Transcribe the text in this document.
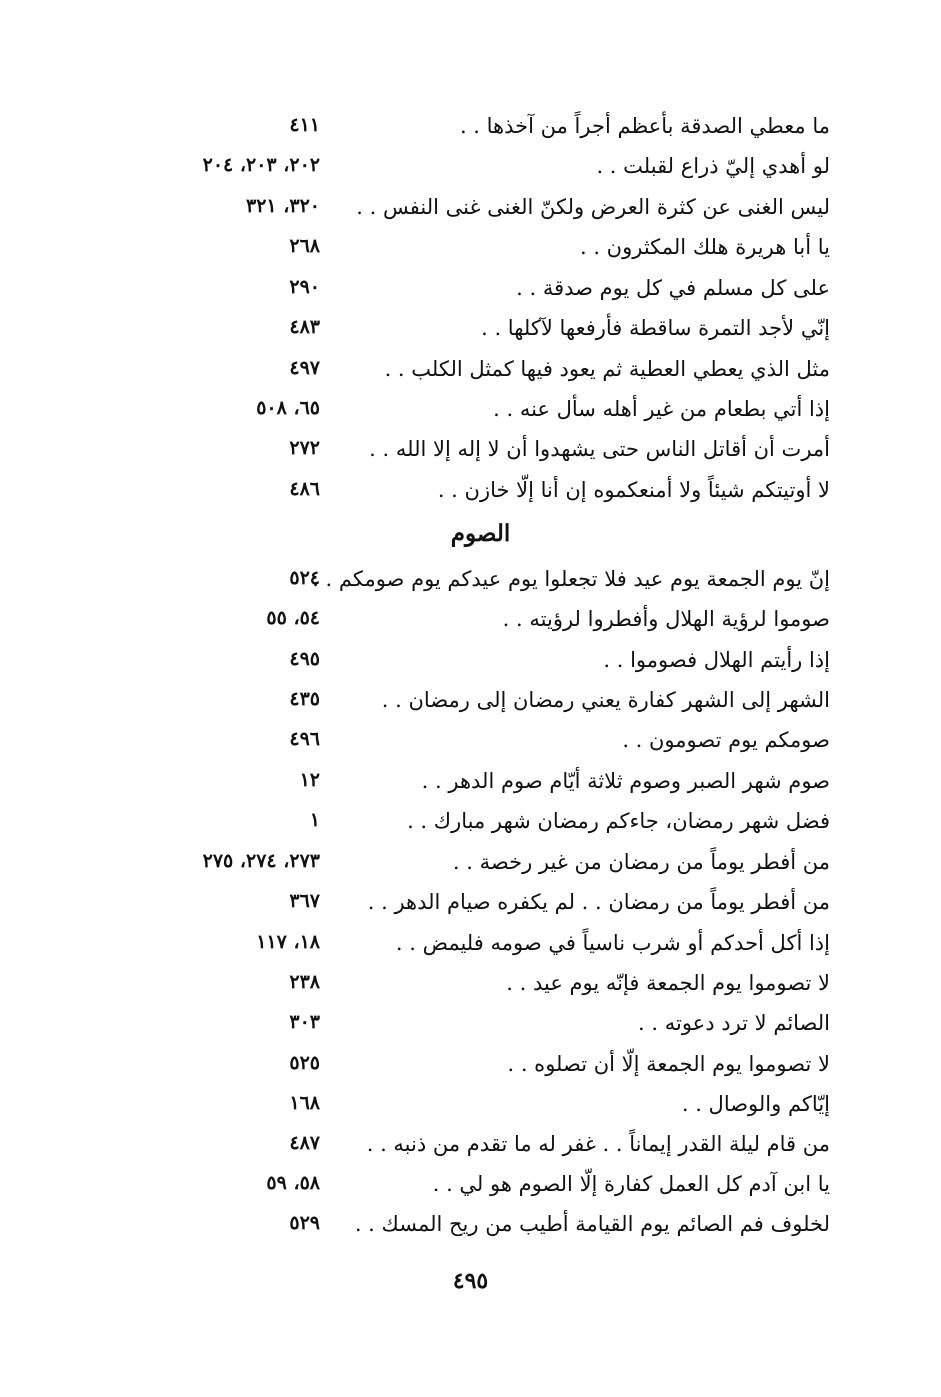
ما معطي الصدقة بأعظم أجراً من آخذها . .
٤١١
لو أهدي إليّ ذراع لقبلت . .
٢٠٢، ٢٠٣، ٢٠٤
ليس الغنى عن كثرة العرض ولكنّ الغنى غنى النفس . .
٣٢٠، ٣٢١
يا أبا هريرة هلك المكثرون . .
٢٦٨
على كل مسلم في كل يوم صدقة . .
٢٩٠
إنّي لأجد التمرة ساقطة فأرفعها لآكلها . .
٤٨٣
مثل الذي يعطي العطية ثم يعود فيها كمثل الكلب . .
٤٩٧
إذا أتي بطعام من غير أهله سأل عنه . .
٦٥، ٥٠٨
أمرت أن أقاتل الناس حتى يشهدوا أن لا إله إلا الله . .
٢٧٢
لا أوتيتكم شيئاً ولا أمنعكموه إن أنا إلّا خازن . .
٤٨٦
الصوم
إنّ يوم الجمعة يوم عيد فلا تجعلوا يوم عيدكم يوم صومكم . .
٥٢٤
صوموا لرؤية الهلال وأفطروا لرؤيته . .
٥٤، ٥٥
إذا رأيتم الهلال فصوموا . .
٤٩٥
الشهر إلى الشهر كفارة يعني رمضان إلى رمضان . .
٤٣٥
صومكم يوم تصومون . .
٤٩٦
صوم شهر الصبر وصوم ثلاثة أيّام صوم الدهر . .
١٢
فضل شهر رمضان، جاءكم رمضان شهر مبارك . .
١
من أفطر يوماً من رمضان من غير رخصة . .
٢٧٣، ٢٧٤، ٢٧٥
من أفطر يوماً من رمضان . . لم يكفره صيام الدهر . .
٣٦٧
إذا أكل أحدكم أو شرب ناسياً في صومه فليمض . .
١٨، ١١٧
لا تصوموا يوم الجمعة فإنّه يوم عيد . .
٢٣٨
الصائم لا ترد دعوته . .
٣٠٣
لا تصوموا يوم الجمعة إلّا أن تصلوه . .
٥٢٥
إيّاكم والوصال . .
١٦٨
من قام ليلة القدر إيماناً . . غفر له ما تقدم من ذنبه . .
٤٨٧
يا ابن آدم كل العمل كفارة إلّا الصوم هو لي . .
٥٨، ٥٩
لخلوف فم الصائم يوم القيامة أطيب من ريح المسك . .
٥٢٩
٤٩٥
